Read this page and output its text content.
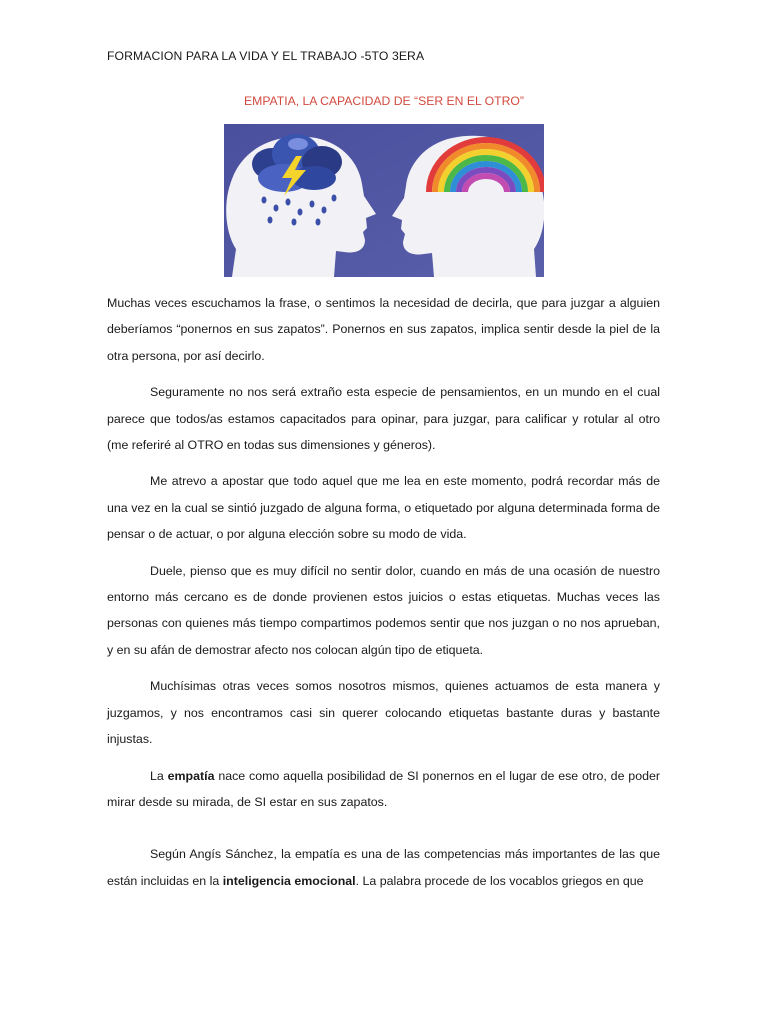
FORMACION PARA LA VIDA Y EL TRABAJO -5TO 3ERA
EMPATIA, LA CAPACIDAD DE “SER EN EL OTRO”

Muchas veces escuchamos la frase, o sentimos la necesidad de decirla, que para juzgar a alguien deberíamos “ponernos en sus zapatos”. Ponernos en sus zapatos, implica sentir desde la piel de la otra persona, por así decirlo.

Seguramente no nos será extraño esta especie de pensamientos, en un mundo en el cual parece que todos/as estamos capacitados para opinar, para juzgar, para calificar y rotular al otro (me referiré al OTRO en todas sus dimensiones y géneros).

Me atrevo a apostar que todo aquel que me lea en este momento, podrá recordar más de una vez en la cual se sintió juzgado de alguna forma, o etiquetado por alguna determinada forma de pensar o de actuar, o por alguna elección sobre su modo de vida.

Duele, pienso que es muy difícil no sentir dolor, cuando en más de una ocasión de nuestro entorno más cercano es de donde provienen estos juicios o estas etiquetas. Muchas veces las personas con quienes más tiempo compartimos podemos sentir que nos juzgan o no nos aprueban, y en su afán de demostrar afecto nos colocan algún tipo de etiqueta.

Muchísimas otras veces somos nosotros mismos, quienes actuamos de esta manera y juzgamos, y nos encontramos casi sin querer colocando etiquetas bastante duras y bastante injustas.

La empatía nace como aquella posibilidad de SI ponernos en el lugar de ese otro, de poder mirar desde su mirada, de SI estar en sus zapatos.

Según Angís Sánchez, la empatía es una de las competencias más importantes de las que están incluidas en la inteligencia emocional. La palabra procede de los vocablos griegos en que
